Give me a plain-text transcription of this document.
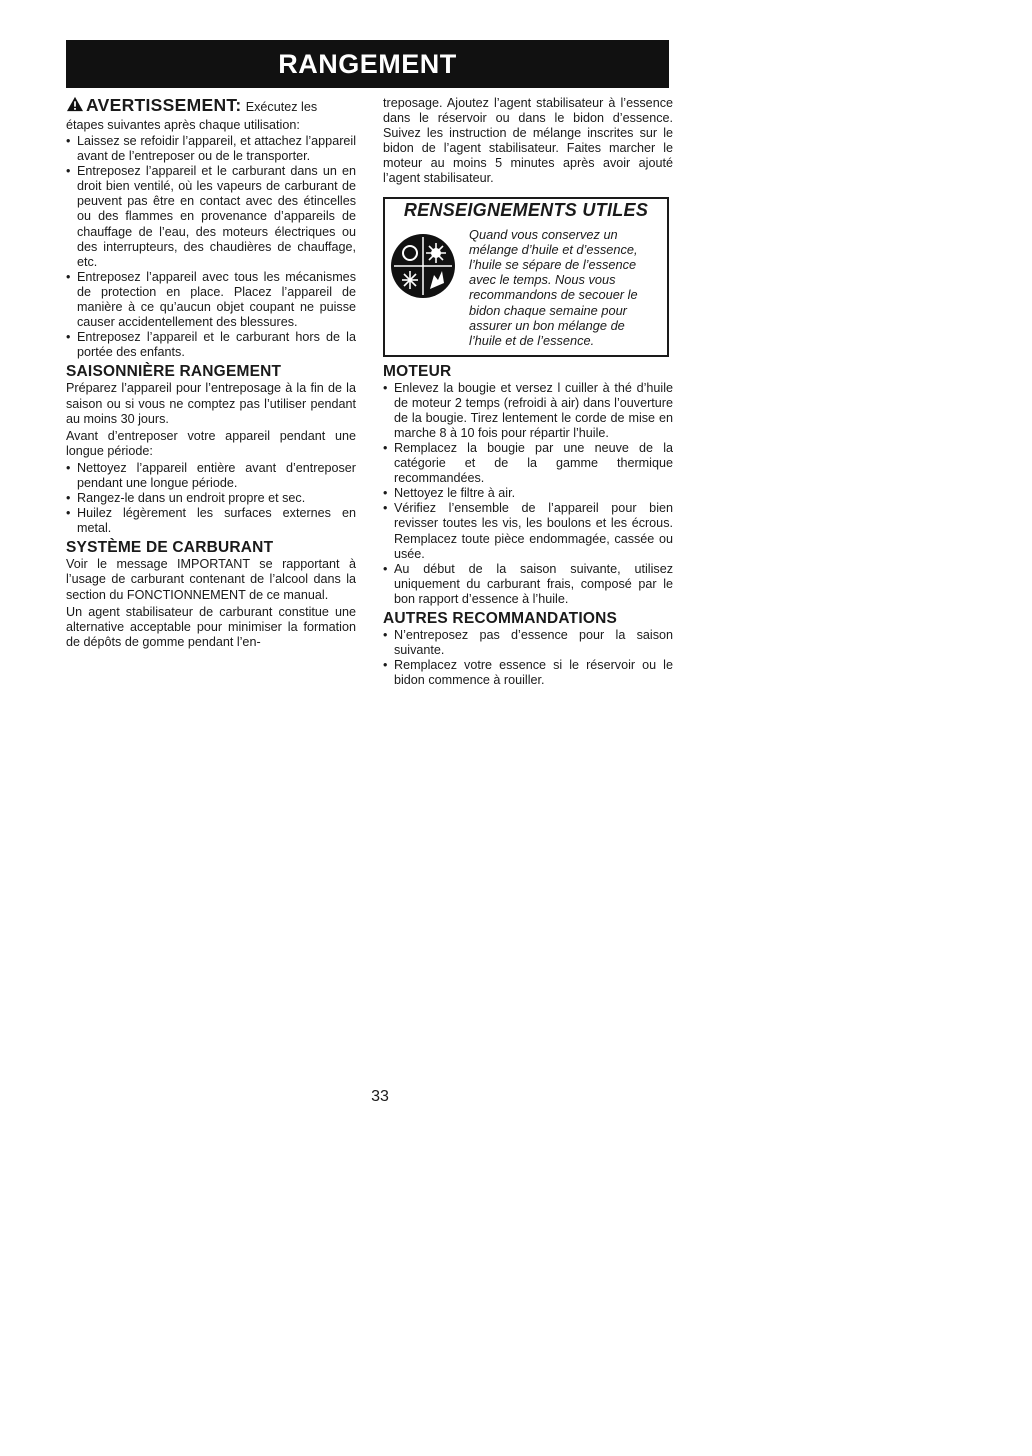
RANGEMENT
AVERTISSEMENT: Exécutez les étapes suivantes après chaque utilisation:
• Laissez se refoidir l’appareil, et attachez l’appareil avant de l’entreposer ou de le transporter.
• Entreposez l’appareil et le carburant dans un en droit bien ventilé, où les vapeurs de carburant de peuvent pas être en contact avec des étincelles ou des flammes en provenance d’appareils de chauffage de l’eau, des moteurs électriques ou des interrupteurs, des chaudières de chauffage, etc.
• Entreposez l’appareil avec tous les mécanismes de protection en place. Placez l’appareil de manière à ce qu’aucun objet coupant ne puisse causer accidentellement des blessures.
• Entreposez l’appareil et le carburant hors de la portée des enfants.
SAISONNIÈRE RANGEMENT

Préparez l’appareil pour l’entreposage à la fin de la saison ou si vous ne comptez pas l’utiliser pendant au moins 30 jours.

Avant d’entreposer votre appareil pendant une longue période:

• Nettoyez l’appareil entière avant d’entreposer pendant une longue période.
• Rangez-le dans un endroit propre et sec.
• Huilez légèrement les surfaces externes en metal.
SYSTÈME DE CARBURANT

Voir le message IMPORTANT se rapportant à l’usage de carburant contenant de l’alcool dans la section du FONCTIONNEMENT de ce manual.

Un agent stabilisateur de carburant constitue une alternative acceptable pour minimiser la formation de dépôts de gomme pendant l’en-

treposage. Ajoutez l’agent stabilisateur à l’essence dans le réservoir ou dans le bidon d’essence. Suivez les instruction de mélange inscrites sur le bidon de l’agent stabilisateur. Faites marcher le moteur au moins 5 minutes après avoir ajouté l’agent stabilisateur.

RENSEIGNEMENTS UTILES
Quand vous conservez un mélange d’huile et d’essence, l’huile se sépare de l’essence avec le temps. Nous vous recommandons de secouer le bidon chaque semaine pour assurer un bon mélange de l’huile et de l’essence.
MOTEUR
• Enlevez la bougie et versez l cuiller à thé d’huile de moteur 2 temps (refroidi à air) dans l’ouverture de la bougie. Tirez lentement le corde de mise en marche 8 à 10 fois pour répartir l’huile.
• Remplacez la bougie par une neuve de la catégorie et de la gamme thermique recommandées.
• Nettoyez le filtre à air.
• Vérifiez l’ensemble de l’appareil pour bien revisser toutes les vis, les boulons et les écrous. Remplacez toute pièce endommagée, cassée ou usée.
• Au début de la saison suivante, utilisez uniquement du carburant frais, composé par le bon rapport d’essence à l’huile.
AUTRES RECOMMANDATIONS
• N’entreposez pas d’essence pour la saison suivante.
• Remplacez votre essence si le réservoir ou le bidon commence à rouiller.
33
